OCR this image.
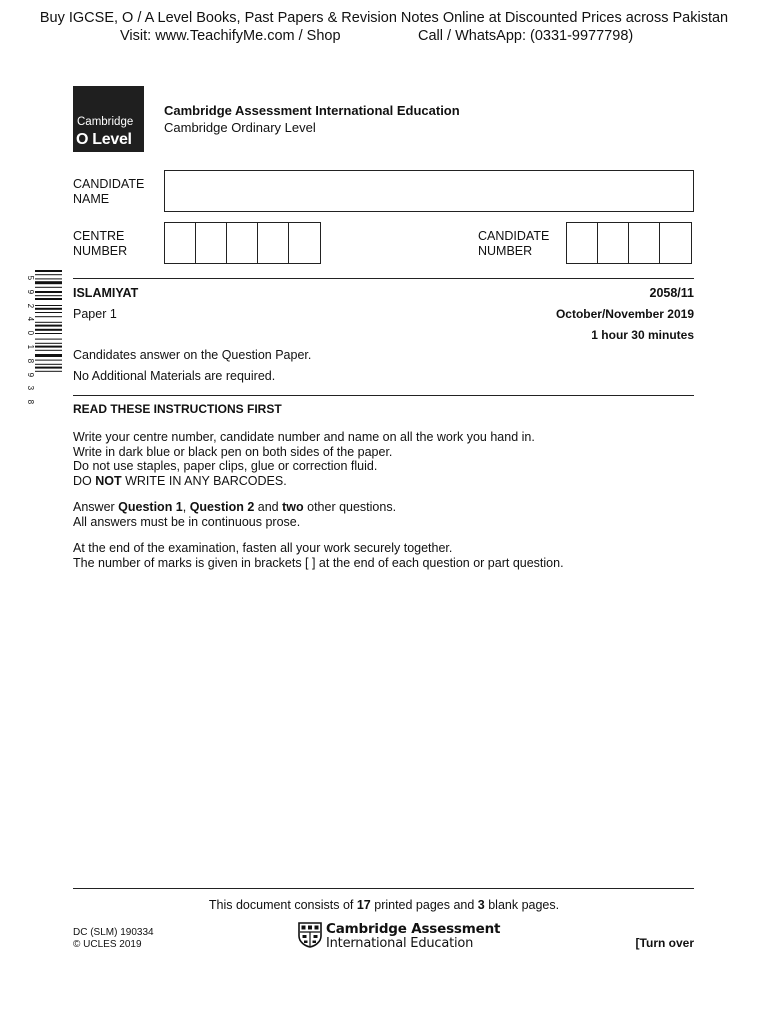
Buy IGCSE, O / A Level Books, Past Papers & Revision Notes Online at Discounted Prices across Pakistan
Visit: www.TeachifyMe.com / Shop	Call / WhatsApp: (0331-9977798)
Cambridge
O Level
Cambridge Assessment International Education
Cambridge Ordinary Level
CANDIDATE
NAME
CENTRE
NUMBER
CANDIDATE
NUMBER
5
9
2
4
0
1
8
9
3
8
ISLAMIYAT	2058/11
Paper 1	October/November 2019
1 hour 30 minutes
Candidates answer on the Question Paper.
No Additional Materials are required.
READ THESE INSTRUCTIONS FIRST
Write your centre number, candidate number and name on all the work you hand in.
Write in dark blue or black pen on both sides of the paper.
Do not use staples, paper clips, glue or correction fluid.
DO NOT WRITE IN ANY BARCODES.
Answer Question 1, Question 2 and two other questions.
All answers must be in continuous prose.
At the end of the examination, fasten all your work securely together.
The number of marks is given in brackets [ ] at the end of each question or part question.
This document consists of 17 printed pages and 3 blank pages.
DC (SLM) 190334
© UCLES 2019
Cambridge Assessment
International Education	[Turn over
